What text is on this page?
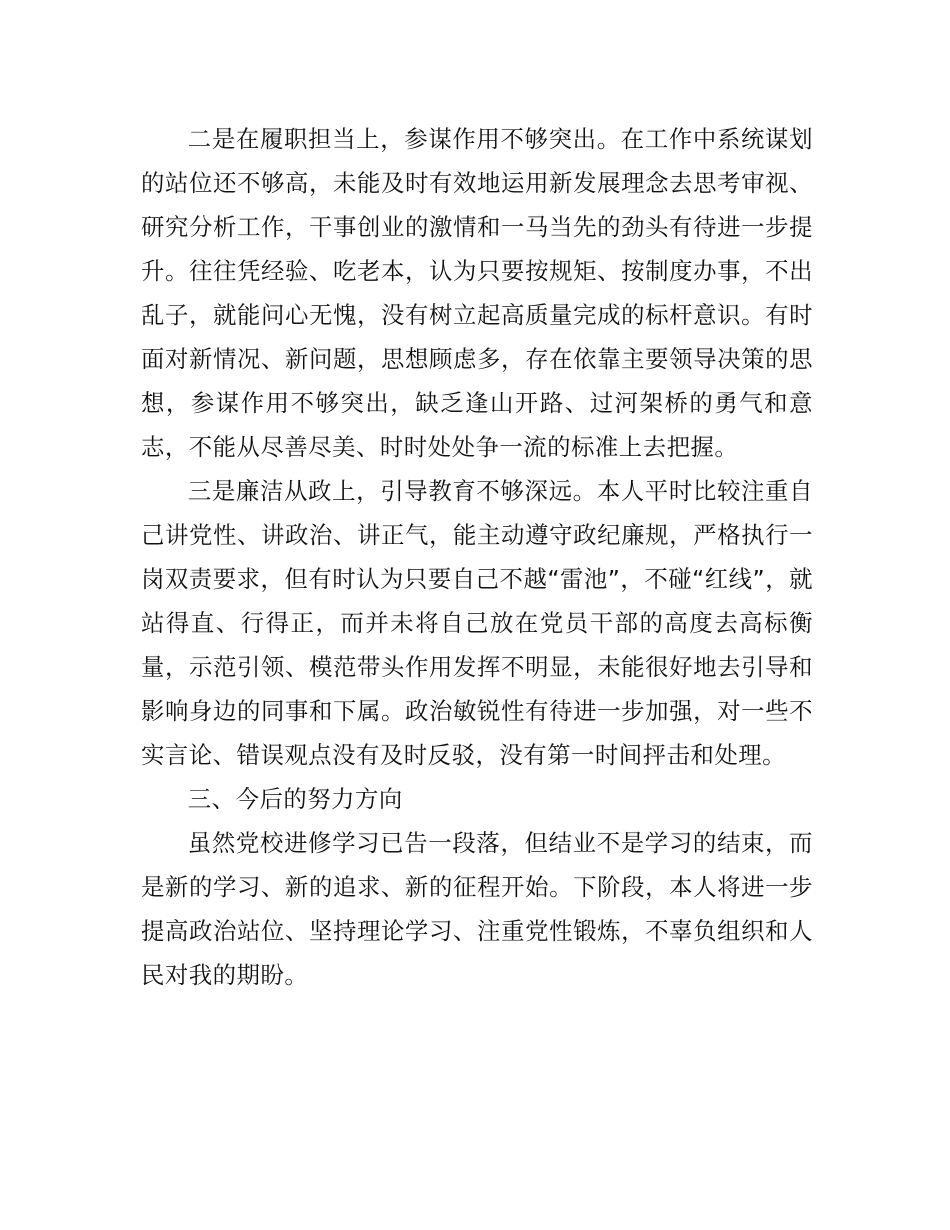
二是在履职担当上，参谋作用不够突出。在工作中系统谋划的站位还不够高，未能及时有效地运用新发展理念去思考审视、研究分析工作，干事创业的激情和一马当先的劲头有待进一步提升。往往凭经验、吃老本，认为只要按规矩、按制度办事，不出乱子，就能问心无愧，没有树立起高质量完成的标杆意识。有时面对新情况、新问题，思想顾虑多，存在依靠主要领导决策的思想，参谋作用不够突出，缺乏逢山开路、过河架桥的勇气和意志，不能从尽善尽美、时时处处争一流的标准上去把握。

三是廉洁从政上，引导教育不够深远。本人平时比较注重自己讲党性、讲政治、讲正气，能主动遵守政纪廉规，严格执行一岗双责要求，但有时认为只要自己不越“雷池”，不碰“红线”，就站得直、行得正，而并未将自己放在党员干部的高度去高标衡量，示范引领、模范带头作用发挥不明显，未能很好地去引导和影响身边的同事和下属。政治敏锐性有待进一步加强，对一些不实言论、错误观点没有及时反驳，没有第一时间抨击和处理。

三、今后的努力方向

虽然党校进修学习已告一段落，但结业不是学习的结束，而是新的学习、新的追求、新的征程开始。下阶段，本人将进一步提高政治站位、坚持理论学习、注重党性锻炼，不辜负组织和人民对我的期盼。
